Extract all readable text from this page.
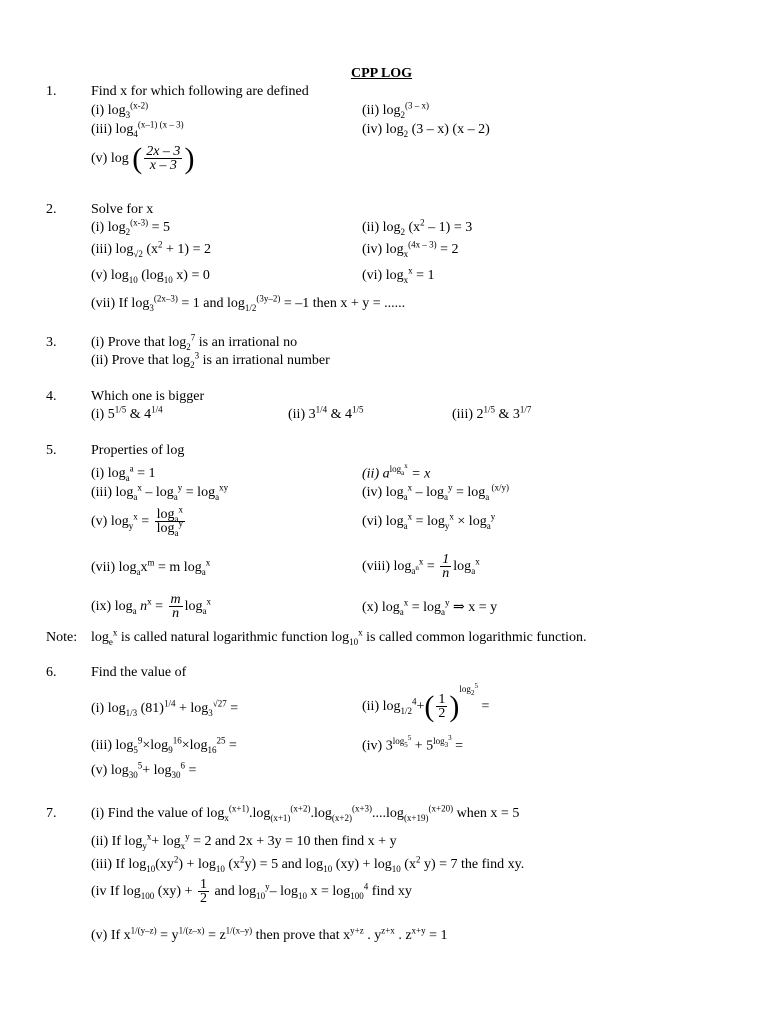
CPP LOG
1. Find x for which following are defined
(i) $\log_3^{(x-2)}$	(ii) $\log_2^{(3 - x)}$
(iii) $\log_4^{(x-1) (x - 3)}$	(iv) $\log_2 (3 - x)$ (x – 2)
(v) log ( $\frac{2x - 3}{x - 3}$ )
2. Solve for x
(i) $\log_2^{(x-3)} = 5$	(ii) $\log_2 (x^2 - 1) = 3$
(iii) $\log_{√2} (x^2 + 1) = 2$	(iv) $\log_x^{(4x - 3)} = 2$
(v) $\log_{10} (\log_{10}$ x) = 0	(vi) $\log_x^x = 1$
(vii) If $\log_3^{(2x-3)} = 1$ and $\log_{1/2}^{(3y-2)} = -1$ then x + y = ......
3. (i) Prove that $\log_2^7$ is an irrational no
(ii) Prove that $\log_2^3$ is an irrational number
4. Which one is bigger
(i) $5^{1/5}$ & $4^{1/4}$	(ii) $3^{1/4}$ & $4^{1/5}$	(iii) $2^{1/5}$ & $3^{1/7}$
5. Properties of log
(i) $\log_a^a = 1$	(ii) $a^{log_a^x} = x$
(iii) $\log_a^x - \log_a^y = \log_a^{xy}$	(iv) $\log_a^x - \log_a^y = \log_a ^{(x/y)}$
(v) $\log_y^x = \frac{\log_a^x}{\log_a^y}$	(vi) $\log_a^x = \log_y^x \times \log_a^y$
(vii) $\log_ax^m = m$ $\log_a^x$	(viii) $\log_{a^n}^x = \frac{1}{n} \log_a^x$
(ix) $\log_a n^x = \frac{m}{n} \log_a^x$	(x) $\log_a^x = \log_a^y$ ⇒ x = y
Note: $\log_e^x$ is called natural logarithmic function $\log_{10}^x$ is called common logarithmic function.
6. Find the value of
(i) $\log_{1/3} (81)^{1/4} + \log_3^{√27}$ =	(ii) $\log_{1/2}^4+( \frac{1}{2} )^{log_2^5}$ =
(iii) $\log_5^9\times\log_9^{16}\times\log_{16}^{25}$ =	(iv) $3^{log_5^5} + 5^{log_3^3}$ =
(v) $\log_{30}^5+ \log_{30}^6$ =
7. (i) Find the value of $\log_x^{(x+1)}.\log_{(x+1)}^{(x+2)}.\log_{(x+2)}^{(x+3)}....\log_{(x+19)}^{(x+20)}$ when x = 5
(ii) If $\log_y^x+ \log_x^y = 2$ and 2x + 3y = 10 then find x + y
(iii) If $\log_{10}(xy^2) + \log_{10} (x^2y) = 5$ and $\log_{10} (xy) + \log_{10} (x^2$ y) = 7 the find xy.
(iv If $\log_{100} (xy) + \frac{1}{2}$ and $\log_{10}^y-$ $\log_{10} x = \log_{100}^4$ find xy
(v) If $x^{1/(y-z)} = y^{1/(z-x)} = z^{1/(x-y)}$ then prove that $x^{y+z}$ . $y^{z+x}$ . $z^{x+y} = 1$
